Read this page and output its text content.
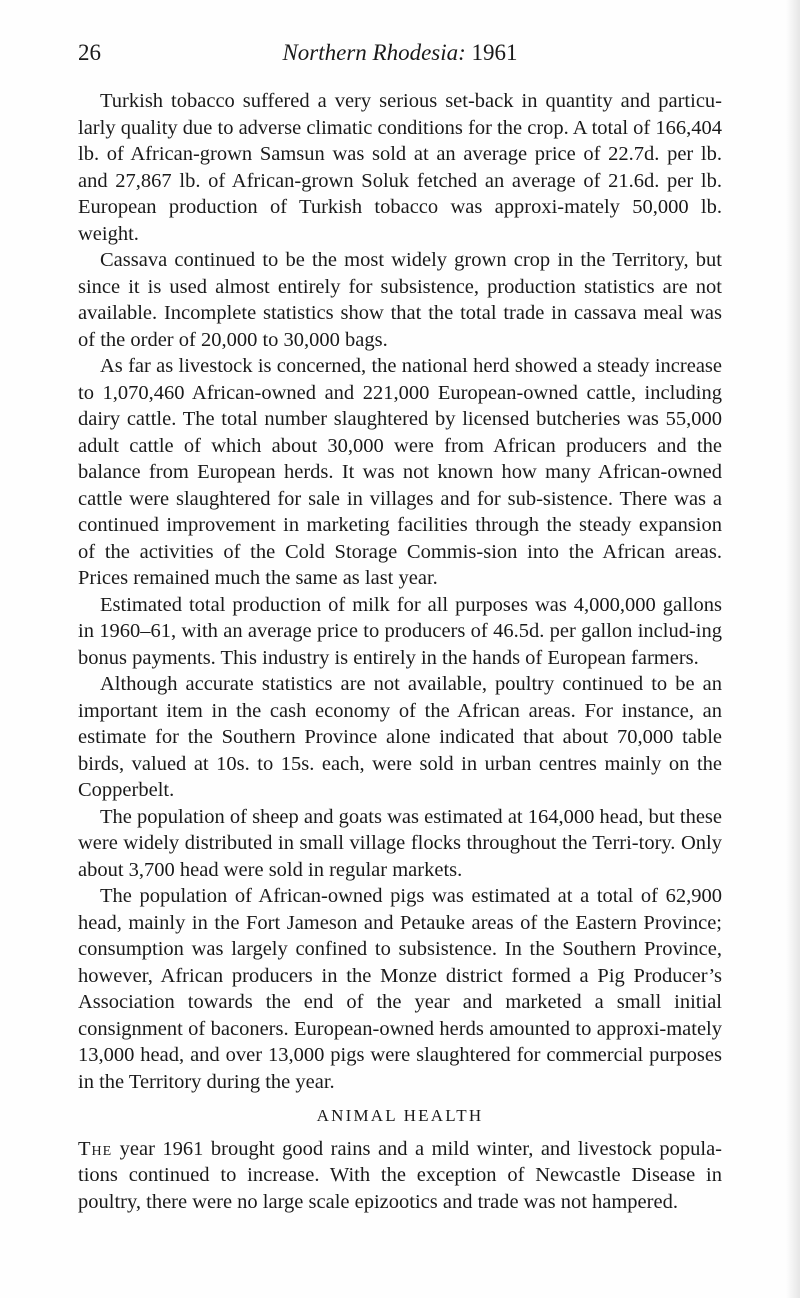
26	Northern Rhodesia: 1961

Turkish tobacco suffered a very serious set-back in quantity and particu-larly quality due to adverse climatic conditions for the crop. A total of 166,404 lb. of African-grown Samsun was sold at an average price of 22.7d. per lb. and 27,867 lb. of African-grown Soluk fetched an average of 21.6d. per lb. European production of Turkish tobacco was approxi-mately 50,000 lb. weight.

Cassava continued to be the most widely grown crop in the Territory, but since it is used almost entirely for subsistence, production statistics are not available. Incomplete statistics show that the total trade in cassava meal was of the order of 20,000 to 30,000 bags.

As far as livestock is concerned, the national herd showed a steady increase to 1,070,460 African-owned and 221,000 European-owned cattle, including dairy cattle. The total number slaughtered by licensed butcheries was 55,000 adult cattle of which about 30,000 were from African producers and the balance from European herds. It was not known how many African-owned cattle were slaughtered for sale in villages and for sub-sistence. There was a continued improvement in marketing facilities through the steady expansion of the activities of the Cold Storage Commis-sion into the African areas. Prices remained much the same as last year.

Estimated total production of milk for all purposes was 4,000,000 gallons in 1960–61, with an average price to producers of 46.5d. per gallon includ-ing bonus payments. This industry is entirely in the hands of European farmers.

Although accurate statistics are not available, poultry continued to be an important item in the cash economy of the African areas. For instance, an estimate for the Southern Province alone indicated that about 70,000 table birds, valued at 10s. to 15s. each, were sold in urban centres mainly on the Copperbelt.

The population of sheep and goats was estimated at 164,000 head, but these were widely distributed in small village flocks throughout the Terri-tory. Only about 3,700 head were sold in regular markets.

The population of African-owned pigs was estimated at a total of 62,900 head, mainly in the Fort Jameson and Petauke areas of the Eastern Province; consumption was largely confined to subsistence. In the Southern Province, however, African producers in the Monze district formed a Pig Producer’s Association towards the end of the year and marketed a small initial consignment of baconers. European-owned herds amounted to approxi-mately 13,000 head, and over 13,000 pigs were slaughtered for commercial purposes in the Territory during the year.

ANIMAL HEALTH

The year 1961 brought good rains and a mild winter, and livestock popula-tions continued to increase. With the exception of Newcastle Disease in poultry, there were no large scale epizootics and trade was not hampered.
